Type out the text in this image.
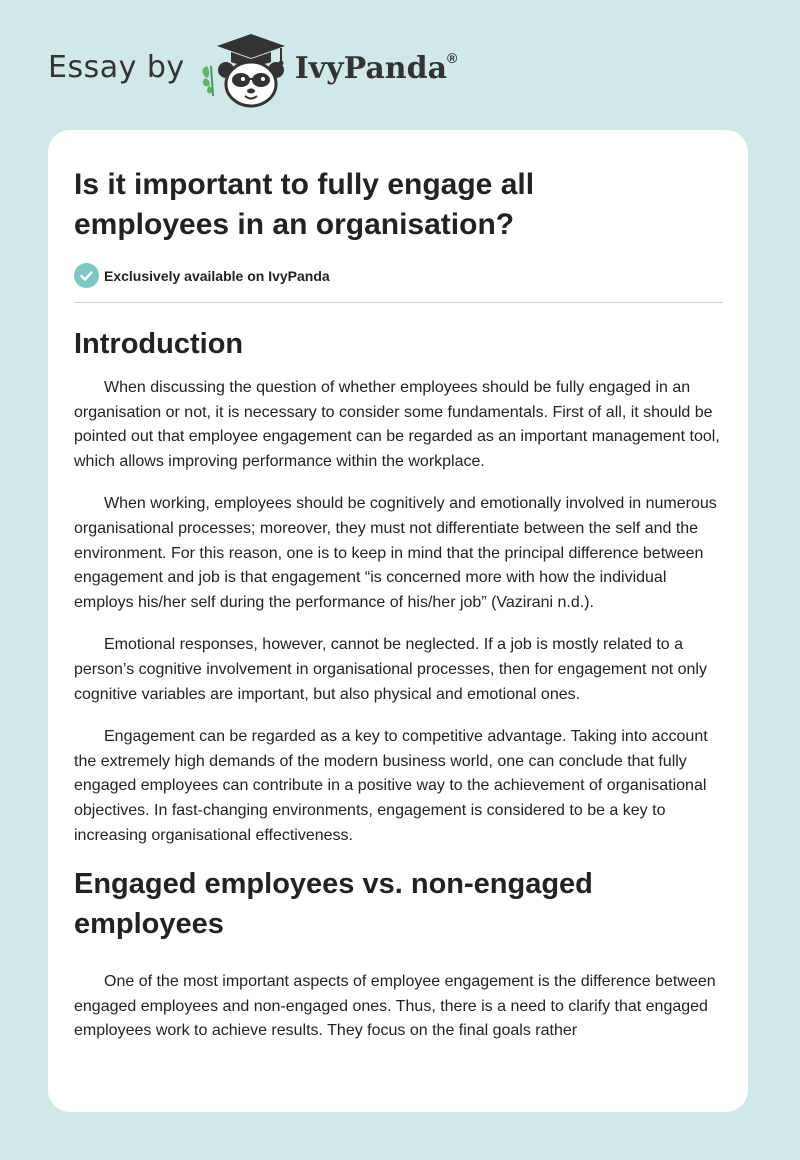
Essay by	IvyPanda®
Is it important to fully engage all employees in an organisation?
Exclusively available on IvyPanda
Introduction

When discussing the question of whether employees should be fully engaged in an organisation or not, it is necessary to consider some fundamentals. First of all, it should be pointed out that employee engagement can be regarded as an important management tool, which allows improving performance within the workplace.

When working, employees should be cognitively and emotionally involved in numerous organisational processes; moreover, they must not differentiate between the self and the environment. For this reason, one is to keep in mind that the principal difference between engagement and job is that engagement “is concerned more with how the individual employs his/her self during the performance of his/her job” (Vazirani n.d.).

Emotional responses, however, cannot be neglected. If a job is mostly related to a person’s cognitive involvement in organisational processes, then for engagement not only cognitive variables are important, but also physical and emotional ones.

Engagement can be regarded as a key to competitive advantage. Taking into account the extremely high demands of the modern business world, one can conclude that fully engaged employees can contribute in a positive way to the achievement of organisational objectives. In fast-changing environments, engagement is considered to be a key to increasing organisational effectiveness.

Engaged employees vs. non-engaged employees

One of the most important aspects of employee engagement is the difference between engaged employees and non-engaged ones. Thus, there is a need to clarify that engaged employees work to achieve results. They focus on the final goals rather
